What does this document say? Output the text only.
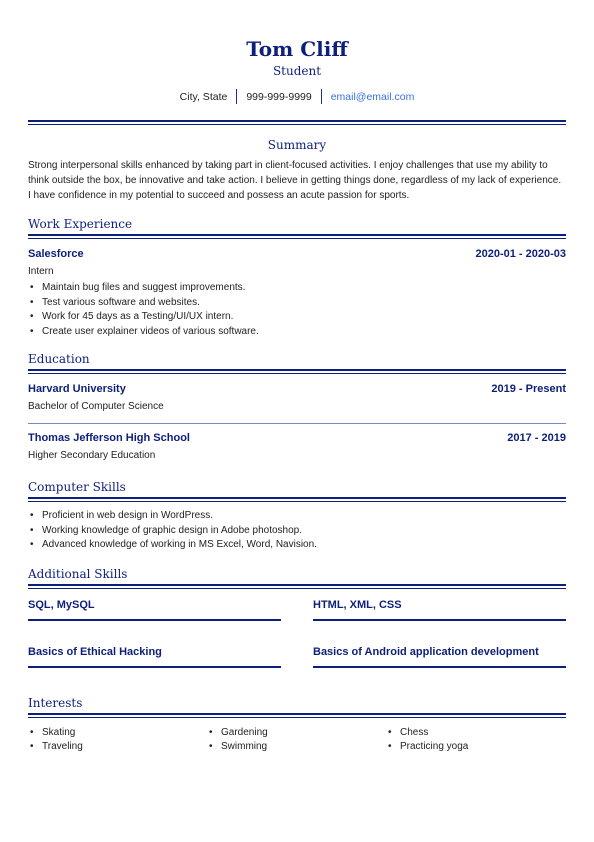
Tom Cliff
Student
City, State 999-999-9999 email@email.com
Summary
Strong interpersonal skills enhanced by taking part in client-focused activities. I enjoy challenges that use my ability to think outside the box, be innovative and take action. I believe in getting things done, regardless of my lack of experience. I have confidence in my potential to succeed and possess an acute passion for sports.
Work Experience
Salesforce	2020-01 - 2020-03
Intern
• Maintain bug files and suggest improvements.
• Test various software and websites.
• Work for 45 days as a Testing/UI/UX intern.
• Create user explainer videos of various software.
Education
Harvard University	2019 - Present
Bachelor of Computer Science
Thomas Jefferson High School	2017 - 2019
Higher Secondary Education
Computer Skills
• Proficient in web design in WordPress.
• Working knowledge of graphic design in Adobe photoshop.
• Advanced knowledge of working in MS Excel, Word, Navision.
Additional Skills
SQL, MySQL	HTML, XML, CSS
Basics of Ethical Hacking	Basics of Android application development
Interests
• Skating
• Traveling
• Gardening
• Swimming
• Chess
• Practicing yoga
